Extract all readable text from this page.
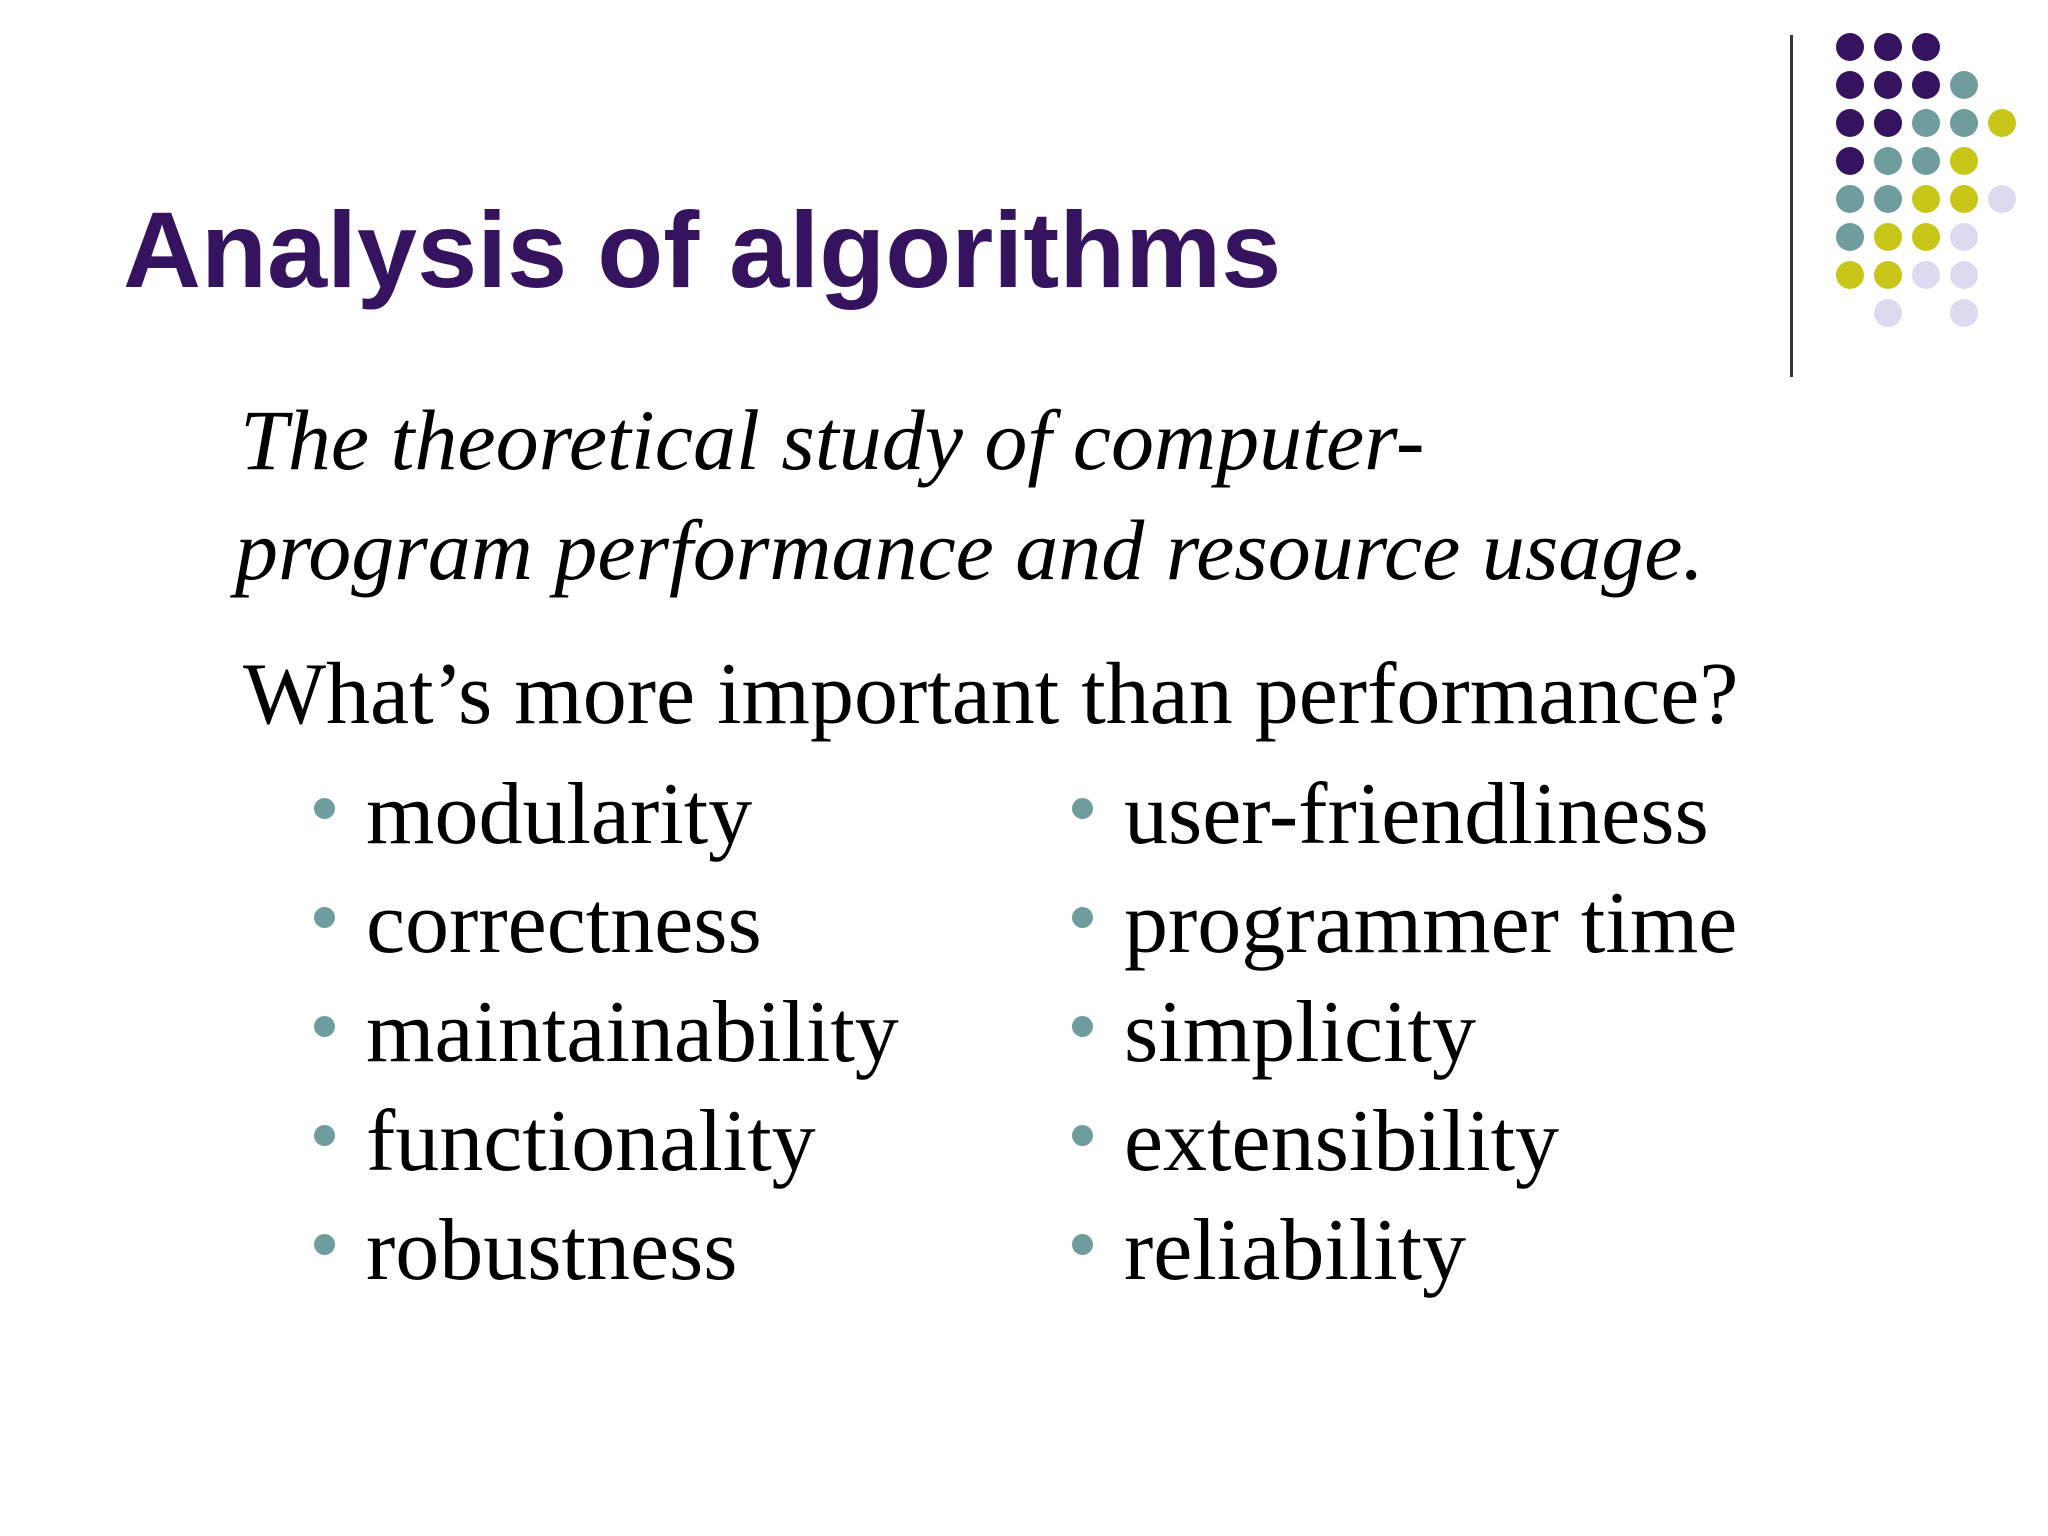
Analysis of algorithms

The theoretical study of computer-
program performance and resource usage.

What’s more important than performance?

modularity
correctness
maintainability
functionality
robustness
user-friendliness
programmer time
simplicity
extensibility
reliability
